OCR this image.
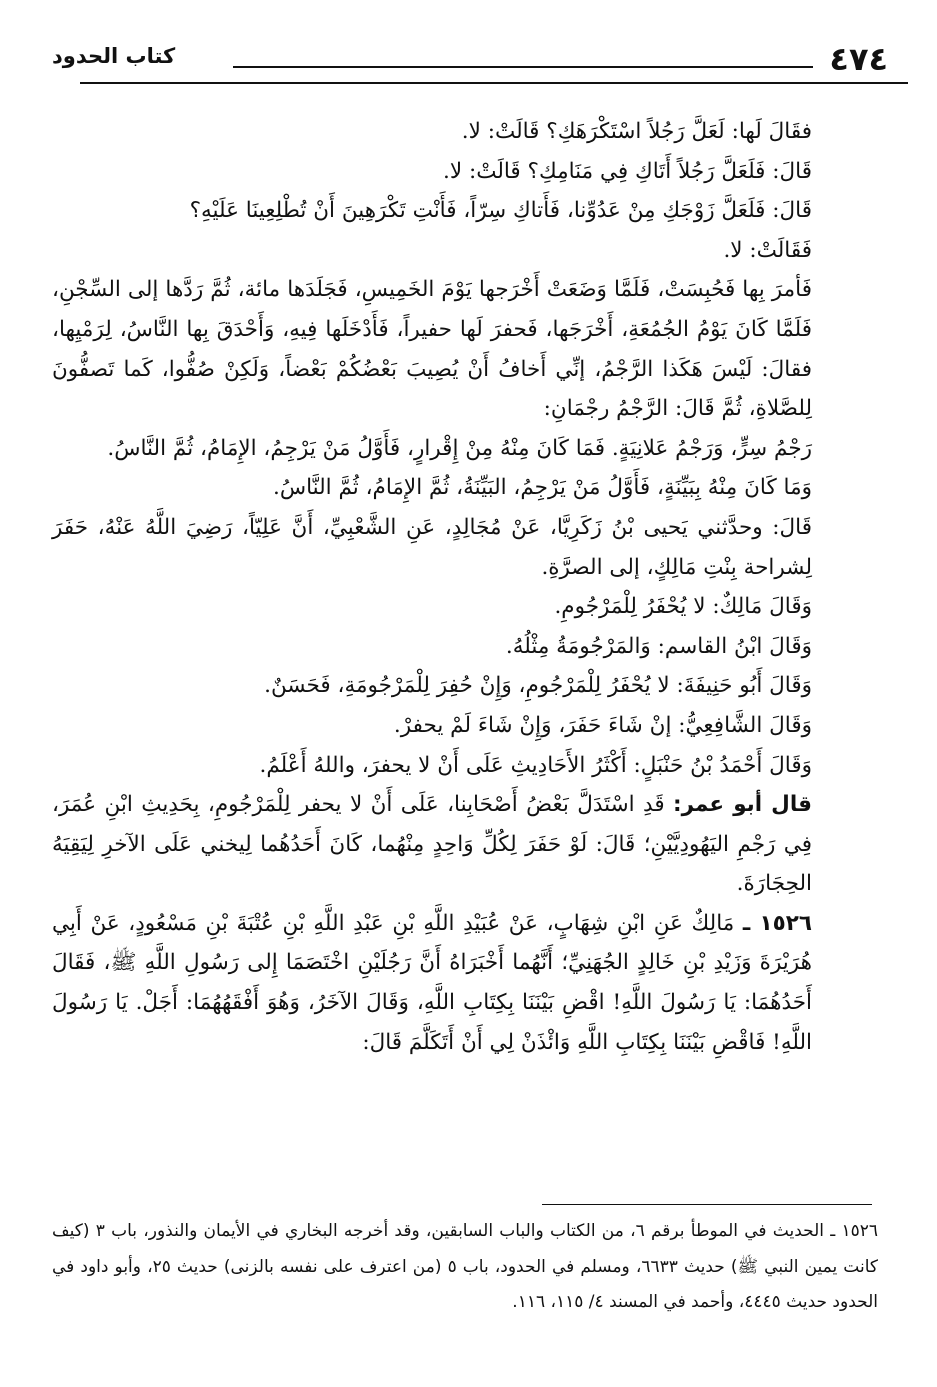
٤٧٤
كتاب الحدود

فقَالَ لَها: لَعَلَّ رَجُلاً اسْتَكْرَهَكِ؟ قَالَتْ: لا.

قَالَ: فَلَعَلَّ رَجُلاً أَتَاكِ فِي مَنَامِكِ؟ قَالَتْ: لا.

قَالَ: فَلَعَلَّ زَوْجَكِ مِنْ عَدُوِّنا، فَأَتاكِ سِرّاً، فَأَنْتِ تَكْرَهِينَ أَنْ تُطْلِعِينَا عَلَيْهِ؟

فَقَالَتْ: لا.

فَأمرَ بِها فَحُبِسَتْ، فَلَمَّا وَضَعَتْ أَخْرَجها يَوْمَ الخَمِيسِ، فَجَلَدَها مائة، ثُمَّ رَدَّها إلى السِّجْنِ، فَلَمَّا كَانَ يَوْمُ الجُمُعَةِ، أَخْرَجَها، فَحفرَ لَها حفيراً، فَأَدْخَلَها فِيهِ، وَأَحْدَقَ بِها النَّاسُ، لِرَمْيِها، فقالَ: لَيْسَ هَكَذا الرَّجْمُ، إنِّي أَخافُ أَنْ يُصِيبَ بَعْضُكُمْ بَعْضاً، وَلَكِنْ صُفُّوا، كَما تَصفُّونَ لِلصَّلاةِ، ثُمَّ قَالَ: الرَّجْمُ رجْمَانِ:

رَجْمُ سِرٍّ، وَرَجْمُ عَلانِيَةٍ. فَمَا كَانَ مِنْهُ مِنْ إِقْرارٍ، فَأَوَّلُ مَنْ يَرْجِمُ، الإِمَامُ، ثُمَّ النَّاسُ.

وَمَا كَانَ مِنْهُ بِبَيِّنَةٍ، فَأَوَّلُ مَنْ يَرْجِمُ، البَيِّنَةُ، ثُمَّ الإِمَامُ، ثُمَّ النَّاسُ.

قَالَ: وحدَّثني يَحيى بْنُ زَكَرِيَّا، عَنْ مُجَالِدٍ، عَنِ الشَّعْبِيِّ، أَنَّ عَلِيّاً، رَضِيَ اللَّهُ عَنْهُ، حَفَرَ لِشراحة بِنْتِ مَالِكٍ، إلى الصرَّةِ.

وَقَالَ مَالِكٌ: لا يُحْفَرُ لِلْمَرْجُومِ.

وَقَالَ ابْنُ القاسم: وَالمَرْجُومَةُ مِثْلُهُ.

وَقَالَ أَبُو حَنِيفَةَ: لا يُحْفَرُ لِلْمَرْجُومِ، وَإِنْ حُفِرَ لِلْمَرْجُومَةِ، فَحَسَنٌ.

وَقَالَ الشَّافِعِيُّ: إنْ شَاءَ حَفَرَ، وَإِنْ شَاءَ لَمْ يحفرْ.

وَقَالَ أَحْمَدُ بْنُ حَنْبَلٍ: أَكْثَرُ الأَحَادِيثِ عَلَى أَنْ لا يحفرَ، واللهُ أَعْلَمُ.

قال أبو عمر: قَدِ اسْتَدَلَّ بَعْضُ أَصْحَابِنا، عَلَى أَنْ لا يحفر لِلْمَرْجُومِ، بِحَدِيثِ ابْنِ عُمَرَ، فِي رَجْمِ اليَهُودِيَّيْنِ؛ قَالَ: لَوْ حَفَرَ لِكُلِّ وَاحِدٍ مِنْهُما، كَانَ أَحَدُهُما لِيخني عَلَى الآخرِ لِيَقِيَهُ الحِجَارَةَ.

١٥٢٦ ـ مَالِكٌ عَنِ ابْنِ شِهَابٍ، عَنْ عُبَيْدِ اللَّهِ بْنِ عَبْدِ اللَّهِ بْنِ عُتْبَةَ بْنِ مَسْعُودٍ، عَنْ أَبِي هُرَيْرَةَ وَزَيْدِ بْنِ خَالِدٍ الجُهَنِيِّ؛ أَنَّهُما أَخْبَرَاهُ أَنَّ رَجُلَيْنِ اخْتَصَمَا إِلى رَسُولِ اللَّهِ ﷺ، فَقَالَ أَحَدُهُمَا: يَا رَسُولَ اللَّهِ! اقْضِ بَيْنَنَا بِكِتَابِ اللَّهِ، وَقَالَ الآخَرُ، وَهُوَ أَفْقَهُهُمَا: أَجَلْ. يَا رَسُولَ اللَّهِ! فَاقْضِ بَيْنَنَا بِكِتَابِ اللَّهِ وَائْذَنْ لِي أَنْ أَتَكَلَّمَ قَالَ:

١٥٢٦ ـ الحديث في الموطأ برقم ٦، من الكتاب والباب السابقين، وقد أخرجه البخاري في الأيمان والنذور، باب ٣ (كيف كانت يمين النبي ﷺ) حديث ٦٦٣٣، ومسلم في الحدود، باب ٥ (من اعترف على نفسه بالزنى) حديث ٢٥، وأبو داود في الحدود حديث ٤٤٤٥، وأحمد في المسند ٤/ ١١٥، ١١٦.
